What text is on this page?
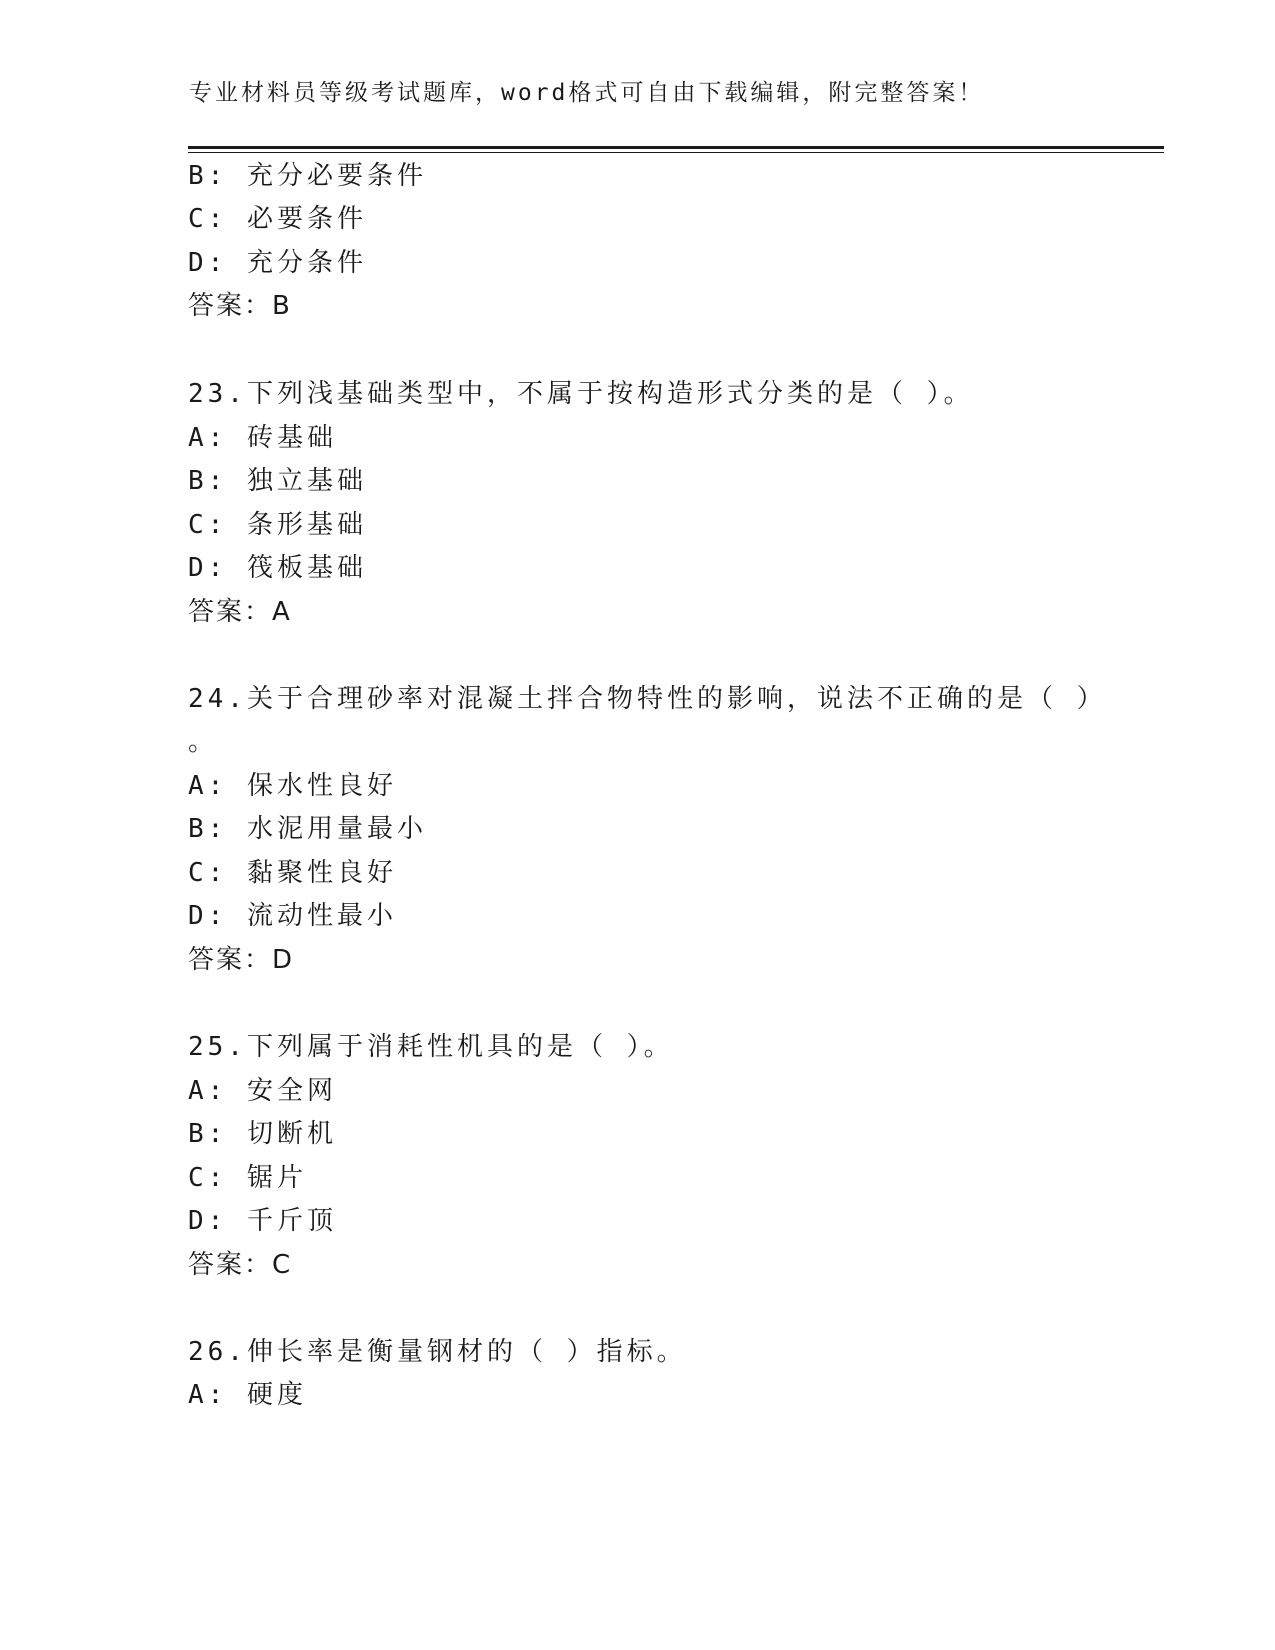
专业材料员等级考试题库，word格式可自由下载编辑，附完整答案！
B: 充分必要条件
C: 必要条件
D: 充分条件
答案：B
23.下列浅基础类型中，不属于按构造形式分类的是（ ）。
A: 砖基础
B: 独立基础
C: 条形基础
D: 筏板基础
答案：A
24.关于合理砂率对混凝土拌合物特性的影响，说法不正确的是（ ）
。
A: 保水性良好
B: 水泥用量最小
C: 黏聚性良好
D: 流动性最小
答案：D
25.下列属于消耗性机具的是（ ）。
A: 安全网
B: 切断机
C: 锯片
D: 千斤顶
答案：C
26.伸长率是衡量钢材的（ ）指标。
A: 硬度
